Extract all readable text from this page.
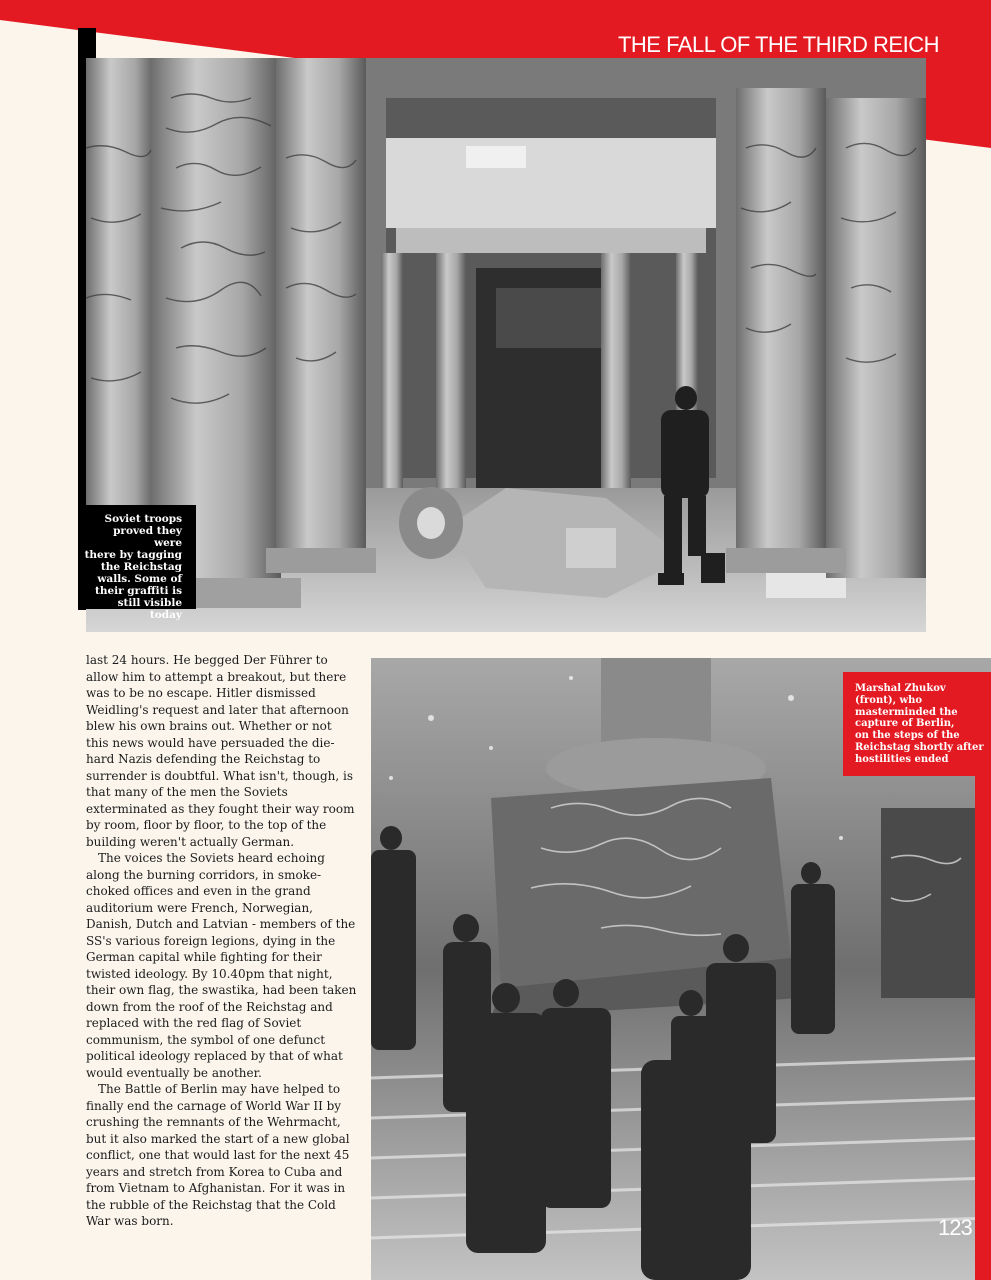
THE FALL OF THE THIRD REICH
Soviet troops
proved they were
there by tagging
the Reichstag
walls. Some of
their graffiti is
still visible today
Marshal Zhukov
(front), who
masterminded the
capture of Berlin,
on the steps of the
Reichstag shortly after
hostilities ended

last 24 hours. He begged Der Führer to allow him to attempt a breakout, but there was to be no escape. Hitler dismissed Weidling's request and later that afternoon blew his own brains out. Whether or not this news would have persuaded the die-hard Nazis defending the Reichstag to surrender is doubtful. What isn't, though, is that many of the men the Soviets exterminated as they fought their way room by room, floor by floor, to the top of the building weren't actually German.

The voices the Soviets heard echoing along the burning corridors, in smoke-choked offices and even in the grand auditorium were French, Norwegian, Danish, Dutch and Latvian - members of the SS's various foreign legions, dying in the German capital while fighting for their twisted ideology. By 10.40pm that night, their own flag, the swastika, had been taken down from the roof of the Reichstag and replaced with the red flag of Soviet communism, the symbol of one defunct political ideology replaced by that of what would eventually be another.

The Battle of Berlin may have helped to finally end the carnage of World War II by crushing the remnants of the Wehrmacht, but it also marked the start of a new global conflict, one that would last for the next 45 years and stretch from Korea to Cuba and from Vietnam to Afghanistan. For it was in the rubble of the Reichstag that the Cold War was born.	123
